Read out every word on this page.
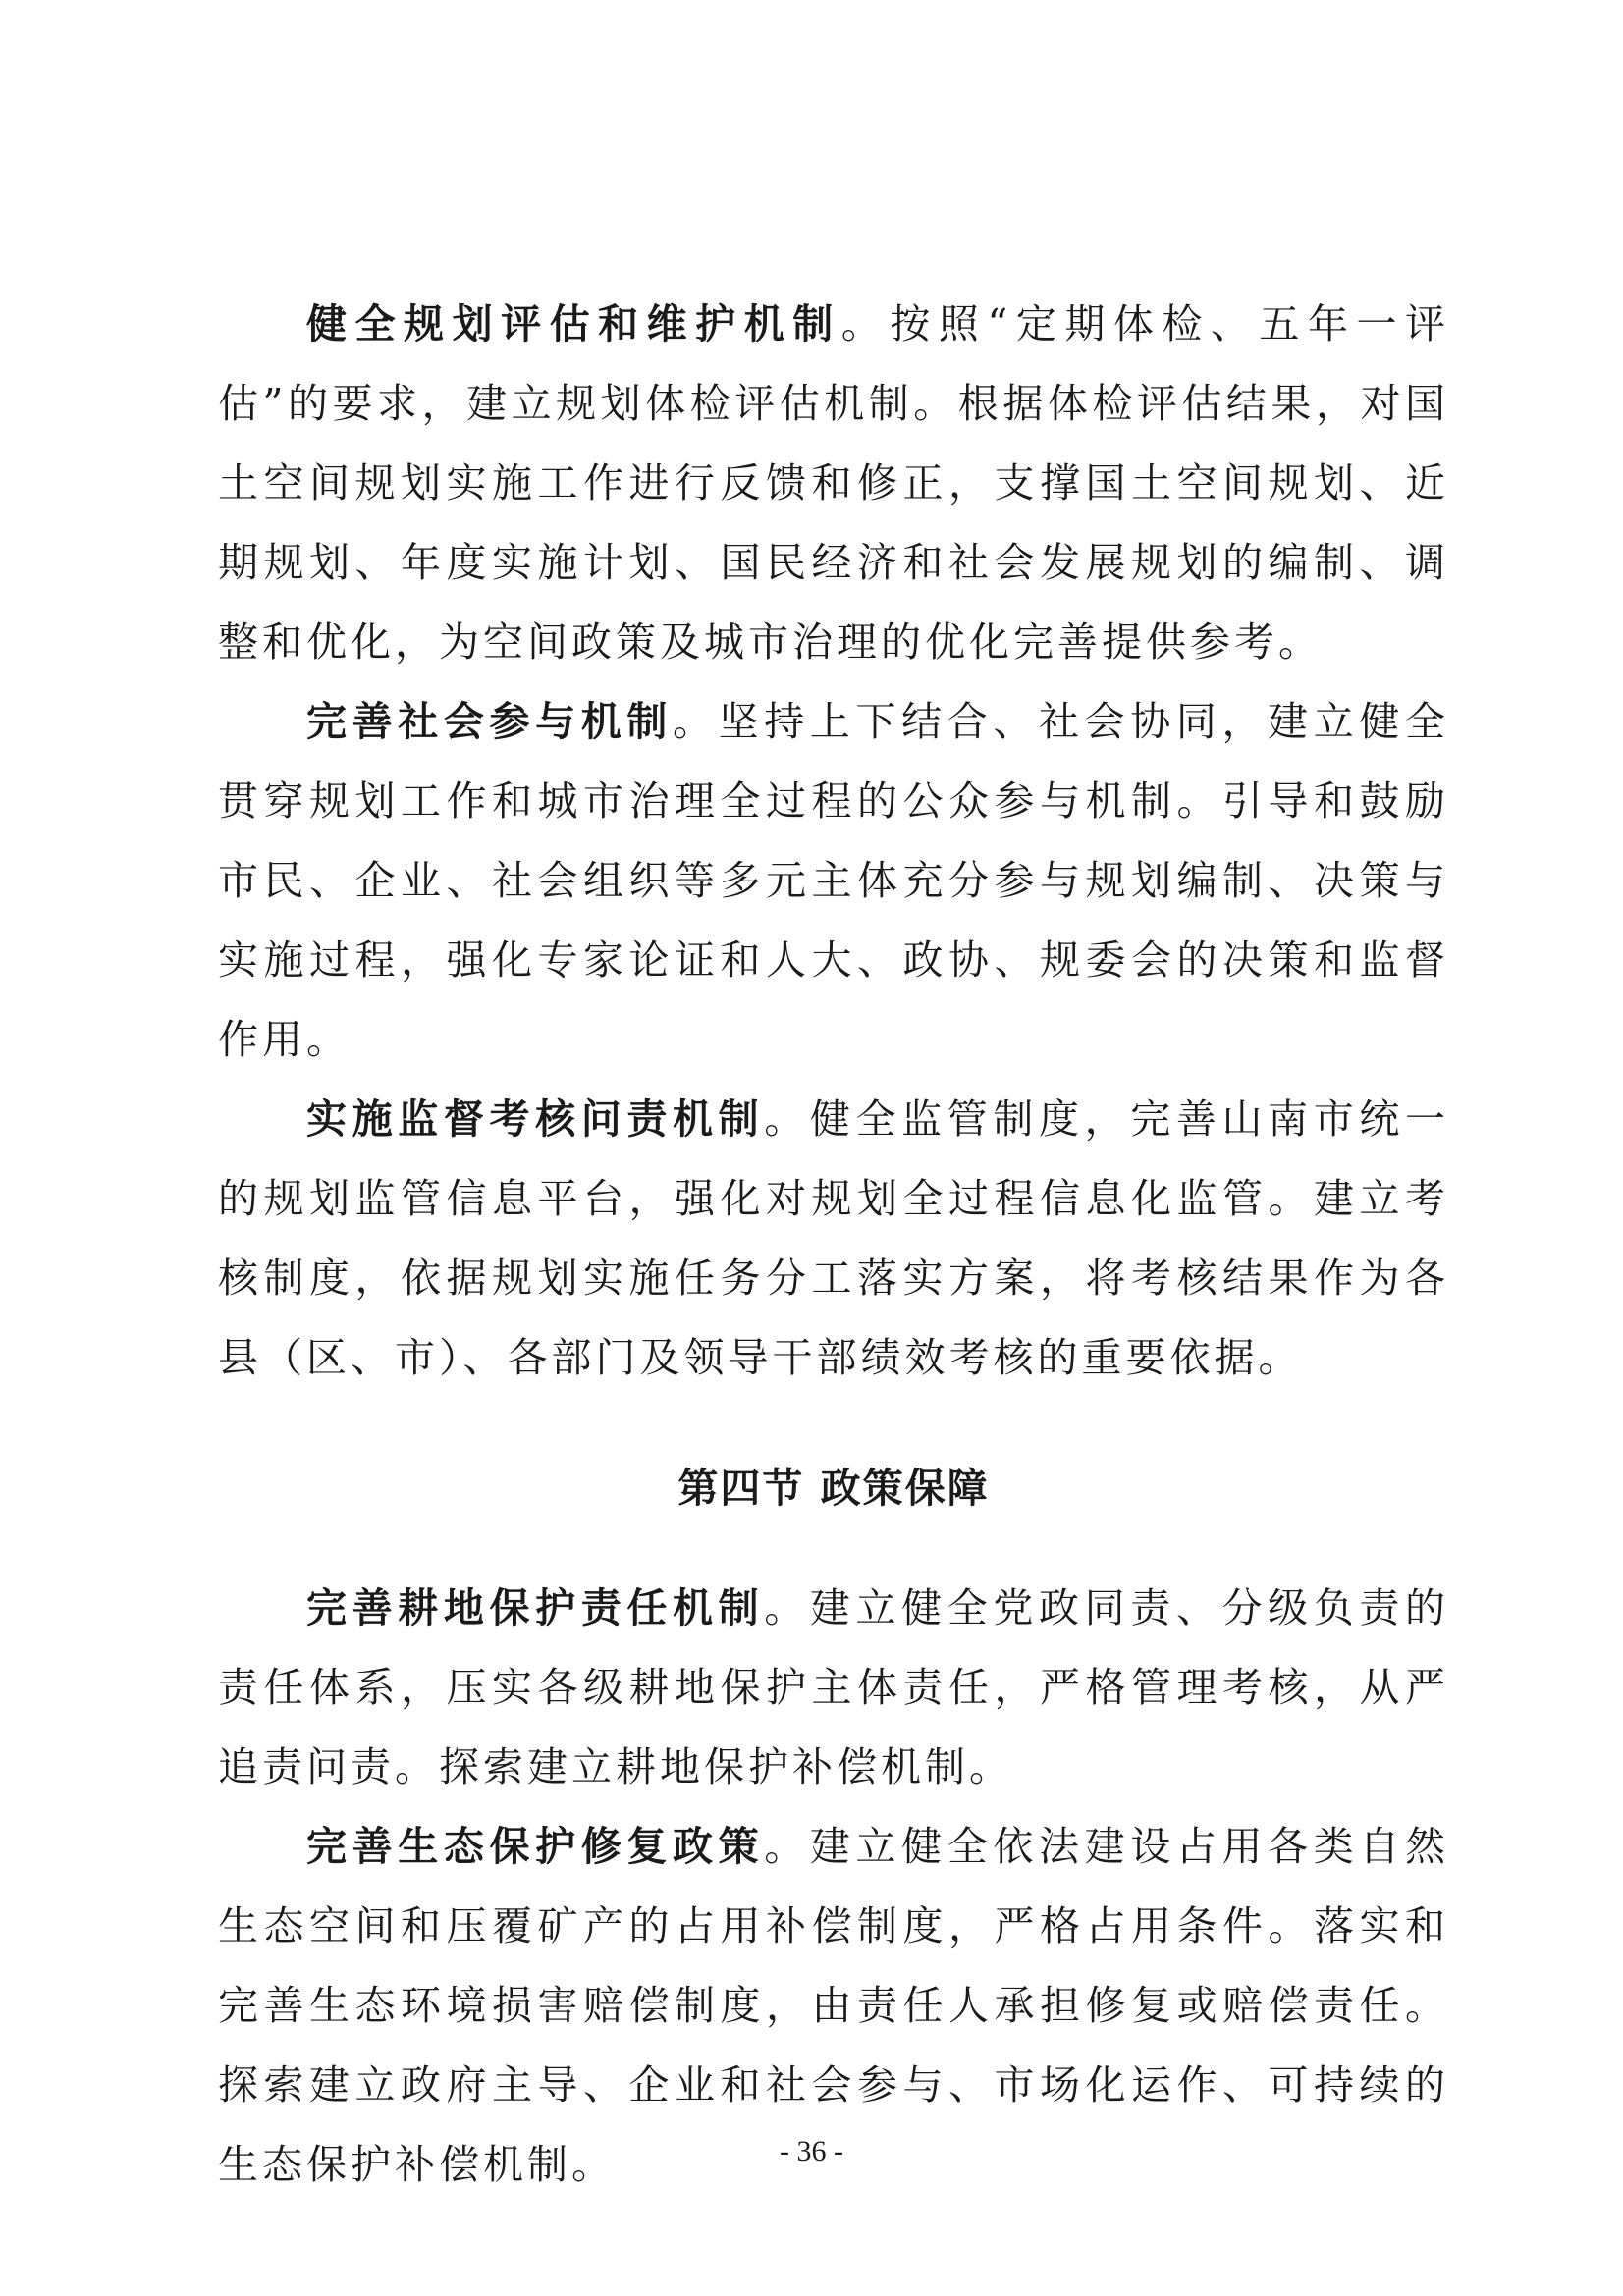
健全规划评估和维护机制。按照“定期体检、五年一评估”的要求，建立规划体检评估机制。根据体检评估结果，对国土空间规划实施工作进行反馈和修正，支撑国土空间规划、近期规划、年度实施计划、国民经济和社会发展规划的编制、调整和优化，为空间政策及城市治理的优化完善提供参考。

完善社会参与机制。坚持上下结合、社会协同，建立健全贯穿规划工作和城市治理全过程的公众参与机制。引导和鼓励市民、企业、社会组织等多元主体充分参与规划编制、决策与实施过程，强化专家论证和人大、政协、规委会的决策和监督作用。

实施监督考核问责机制。健全监管制度，完善山南市统一的规划监管信息平台，强化对规划全过程信息化监管。建立考核制度，依据规划实施任务分工落实方案，将考核结果作为各县（区、市）、各部门及领导干部绩效考核的重要依据。

第四节 政策保障

完善耕地保护责任机制。建立健全党政同责、分级负责的责任体系，压实各级耕地保护主体责任，严格管理考核，从严追责问责。探索建立耕地保护补偿机制。

完善生态保护修复政策。建立健全依法建设占用各类自然生态空间和压覆矿产的占用补偿制度，严格占用条件。落实和完善生态环境损害赔偿制度，由责任人承担修复或赔偿责任。探索建立政府主导、企业和社会参与、市场化运作、可持续的生态保护补偿机制。	- 36 -
